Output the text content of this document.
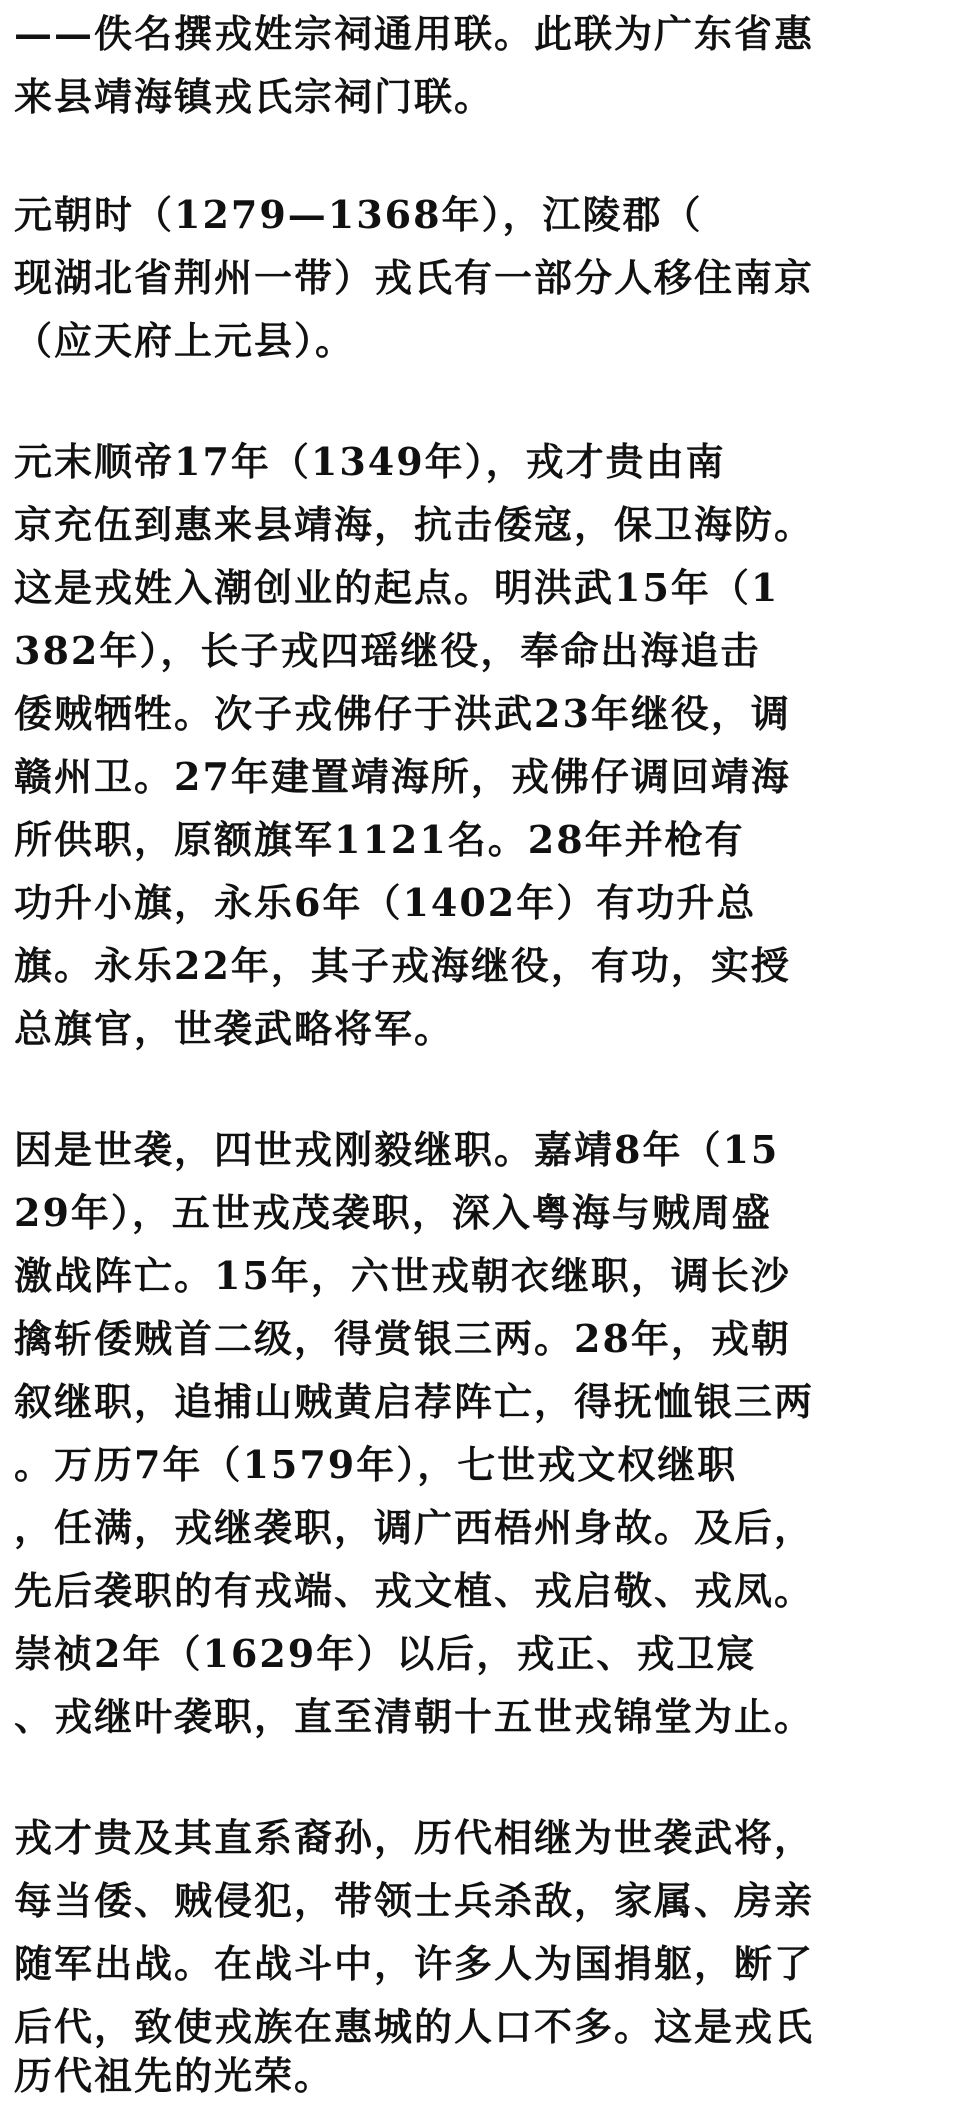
——佚名撰戎姓宗祠通用联。此联为广东省惠
来县靖海镇戎氏宗祠门联。
元朝时（1279—1368年），江陵郡（
现湖北省荆州一带）戎氏有一部分人移住南京
（应天府上元县）。
元末顺帝17年（1349年），戎才贵由南
京充伍到惠来县靖海，抗击倭寇，保卫海防。
这是戎姓入潮创业的起点。明洪武15年（1
382年），长子戎四瑶继役，奉命出海追击
倭贼牺牲。次子戎佛仔于洪武23年继役，调
赣州卫。27年建置靖海所，戎佛仔调回靖海
所供职，原额旗军1121名。28年并枪有
功升小旗，永乐6年（1402年）有功升总
旗。永乐22年，其子戎海继役，有功，实授
总旗官，世袭武略将军。
因是世袭，四世戎刚毅继职。嘉靖8年（15
29年），五世戎茂袭职，深入粤海与贼周盛
激战阵亡。15年，六世戎朝衣继职，调长沙
擒斩倭贼首二级，得赏银三两。28年，戎朝
叙继职，追捕山贼黄启荐阵亡，得抚恤银三两
。万历7年（1579年），七世戎文权继职
，任满，戎继袭职，调广西梧州身故。及后，
先后袭职的有戎端、戎文植、戎启敬、戎凤。
崇祯2年（1629年）以后，戎正、戎卫宸
、戎继叶袭职，直至清朝十五世戎锦堂为止。
戎才贵及其直系裔孙，历代相继为世袭武将，
每当倭、贼侵犯，带领士兵杀敌，家属、房亲
随军出战。在战斗中，许多人为国捐躯，断了
后代，致使戎族在惠城的人口不多。这是戎氏
历代祖先的光荣。
